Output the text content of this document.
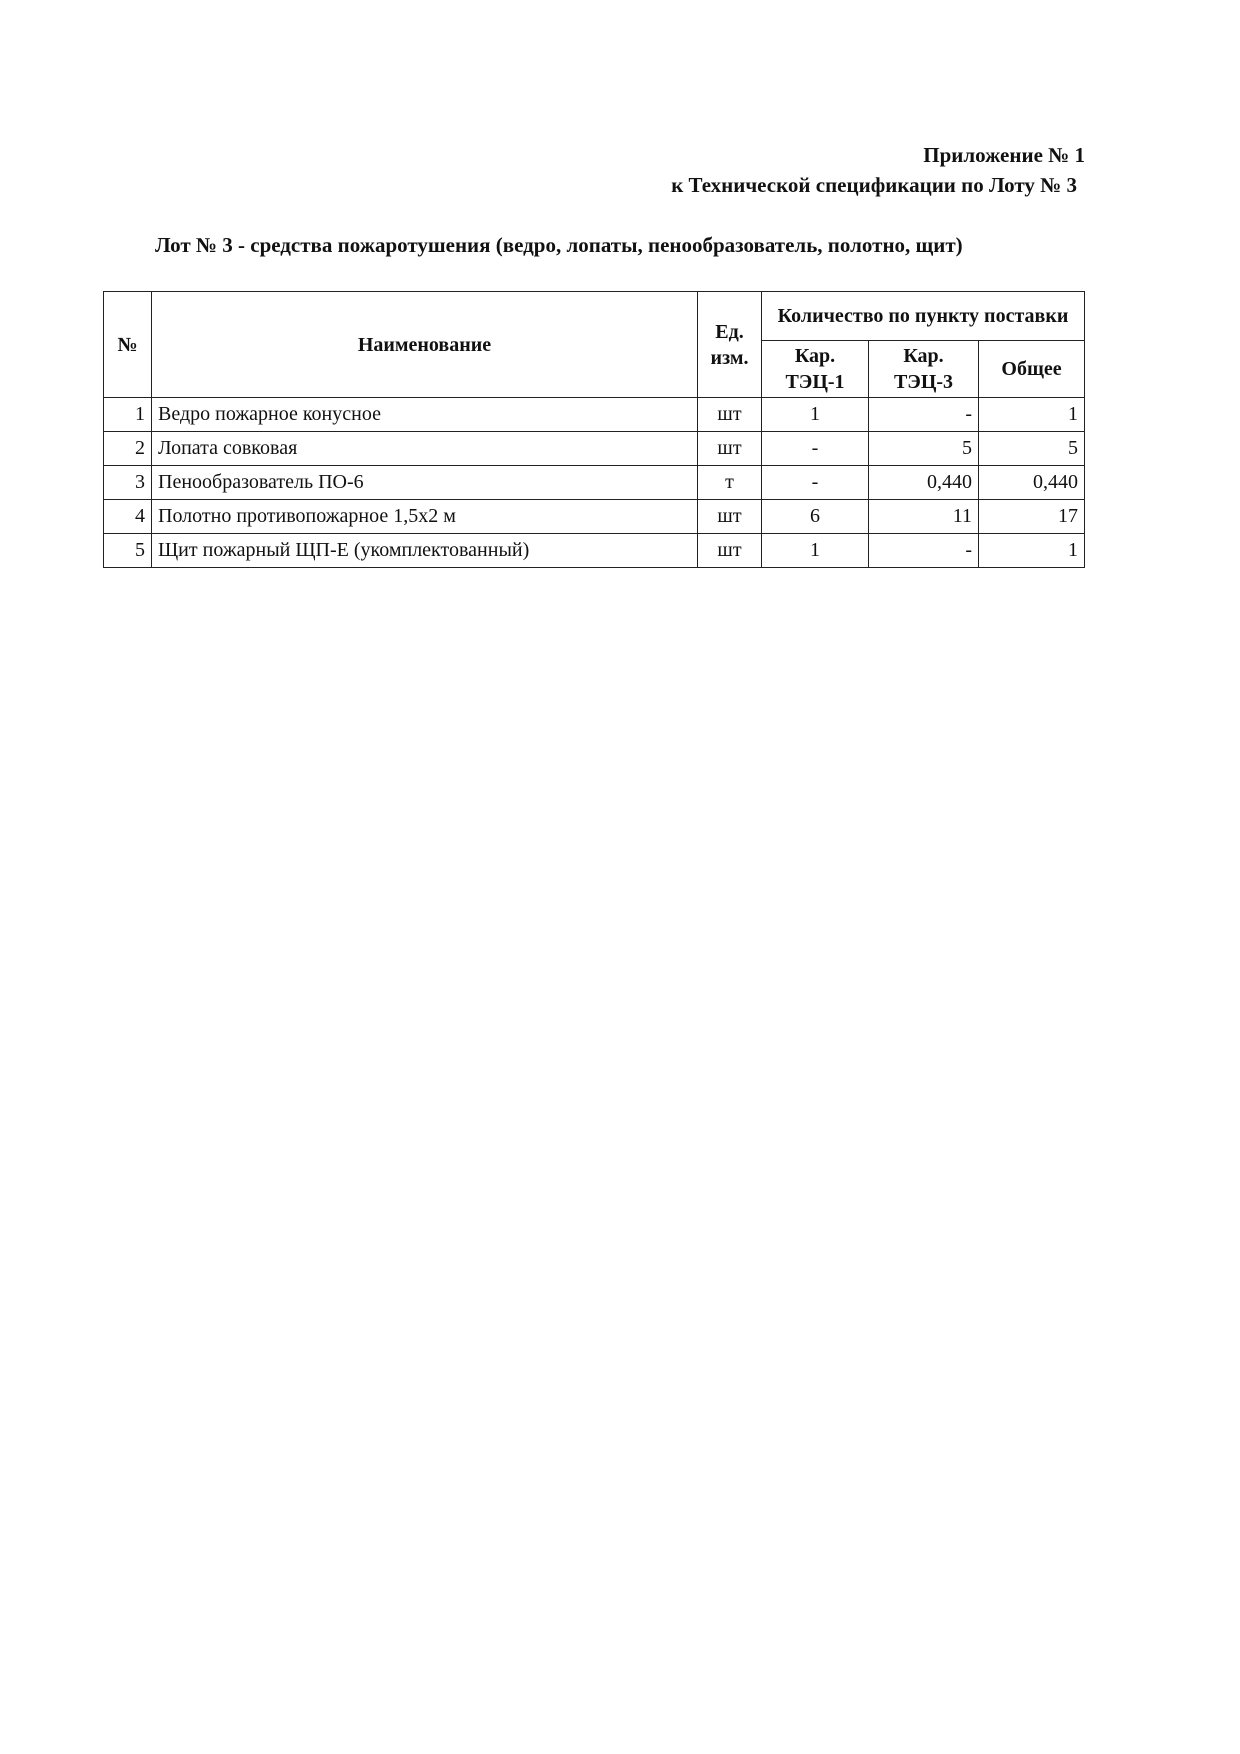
Приложение № 1
к Технической спецификации по Лоту № 3
Лот № 3 - средства пожаротушения (ведро, лопаты, пенообразователь, полотно, щит)
№	Наименование	Ед. изм.	Количество по пункту поставки		
			Кар. ТЭЦ-1	Кар. ТЭЦ-3	Общее
1	Ведро пожарное конусное	шт	1	-	1
2	Лопата совковая	шт	-	5	5
3	Пенообразователь ПО-6	т	-	0,440	0,440
4	Полотно противопожарное 1,5х2 м	шт	6	11	17
5	Щит пожарный ЩП-Е (укомплектованный)	шт	1	-	1
